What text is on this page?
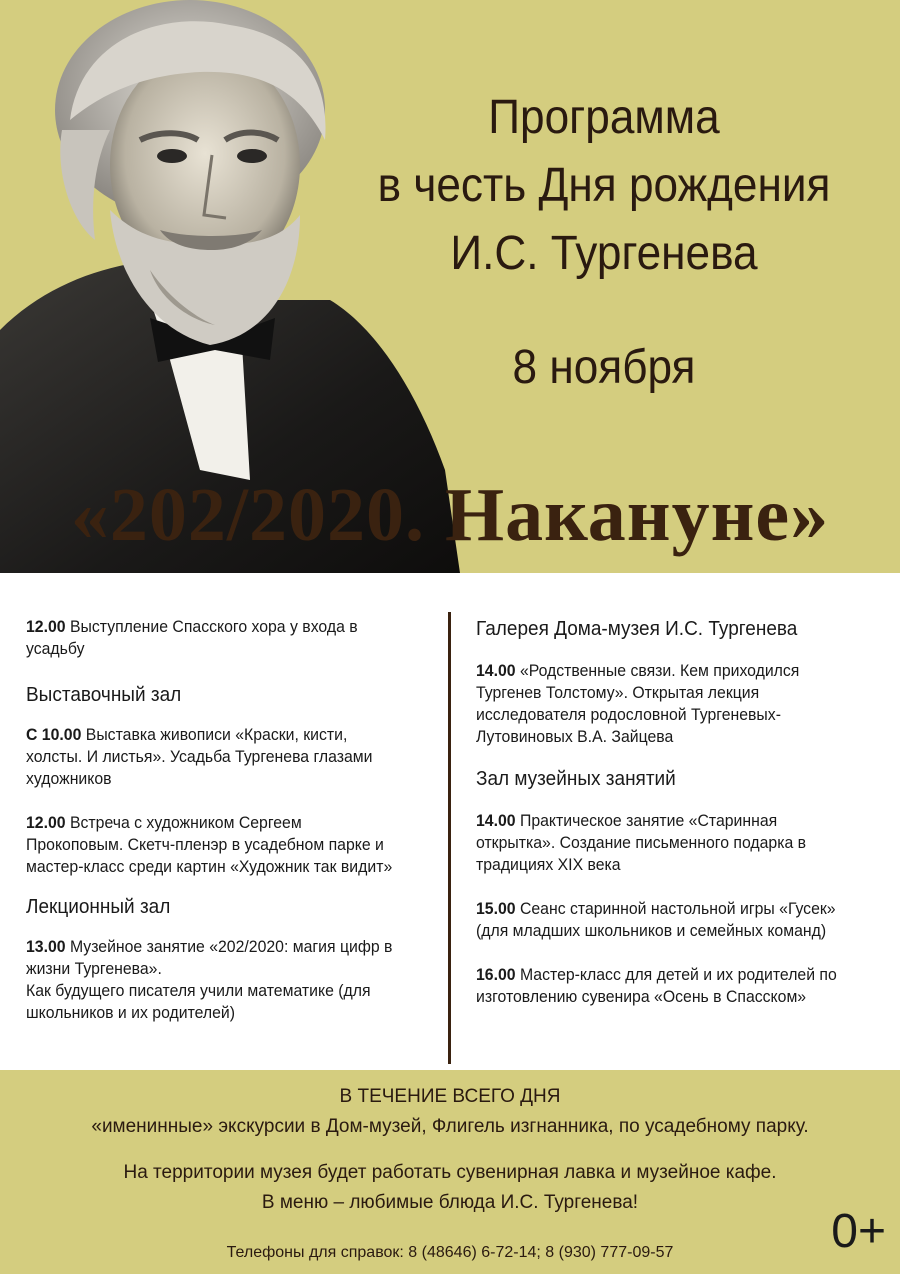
Программа
в честь Дня рождения
И.С. Тургенева
8 ноября
«202/2020. Накануне»
12.00 Выступление Спасского хора у входа в усадьбу
Выставочный зал
С 10.00 Выставка живописи «Краски, кисти, холсты. И листья». Усадьба Тургенева глазами художников
12.00 Встреча с художником Сергеем Прокоповым. Скетч-пленэр в усадебном парке и мастер-класс среди картин «Художник так видит»
Лекционный зал
13.00 Музейное занятие «202/2020: магия цифр в жизни Тургенева».
Как будущего писателя учили математике (для школьников и их родителей)
Галерея Дома-музея И.С. Тургенева
14.00 «Родственные связи. Кем приходился Тургенев Толстому». Открытая лекция исследователя родословной Тургеневых-Лутовиновых В.А. Зайцева
Зал музейных занятий
14.00 Практическое занятие «Старинная открытка». Создание письменного подарка в традициях XIX века
15.00 Сеанс старинной настольной игры «Гусек» (для младших школьников и семейных команд)
16.00 Мастер-класс для детей и их родителей по изготовлению сувенира «Осень в Спасском»
В ТЕЧЕНИЕ ВСЕГО ДНЯ
«именинные» экскурсии в Дом-музей, Флигель изгнанника, по усадебному парку.
На территории музея будет работать сувенирная лавка и музейное кафе.
В меню – любимые блюда И.С. Тургенева!
Телефоны для справок: 8 (48646) 6-72-14; 8 (930) 777-09-57	0+
